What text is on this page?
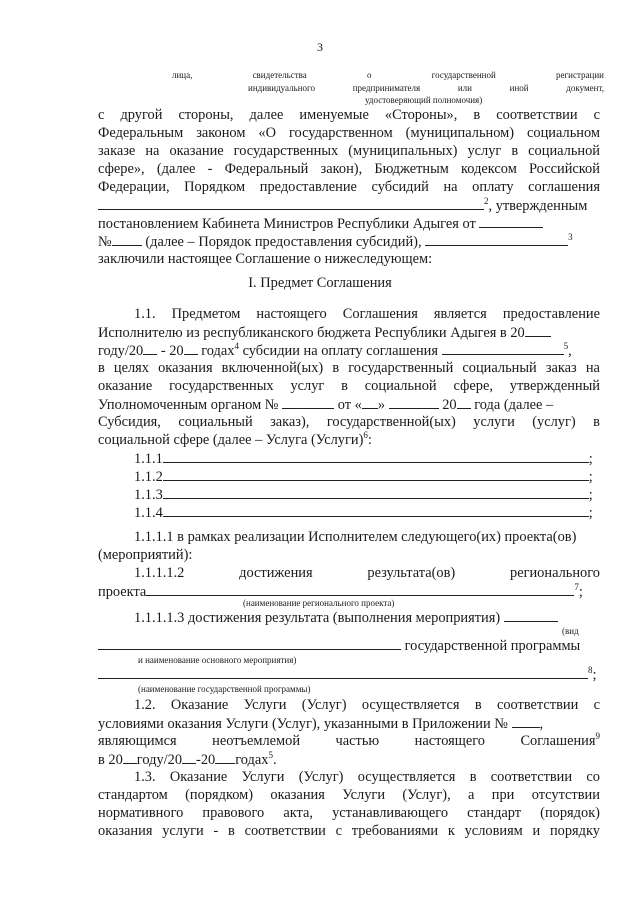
3
лица,	свидетельства	о	государственной	регистрации
индивидуального	предпринимателя	или	иной	документ,
удостоверяющий полномочия)
с другой стороны, далее именуемые «Стороны», в соответствии с
Федеральным законом «О государственном (муниципальном) социальном
заказе на оказание государственных (муниципальных) услуг в социальной
сфере», (далее - Федеральный закон), Бюджетным кодексом Российской
Федерации, Порядком предоставление субсидий на оплату соглашения
$^2$, утвержденным
постановлением Кабинета Министров Республики Адыгея от
№ (далее – Порядок предоставления субсидий),	$^3$
заключили настоящее Соглашение о нижеследующем:
I. Предмет Соглашения
1.1. Предметом настоящего Соглашения является предоставление
Исполнителю из республиканского бюджета Республики Адыгея в 20
году/20 - 20 годах$^4$ субсидии на оплату соглашения	$^5$,
в целях оказания включенной(ых) в государственный социальный заказ на
оказание государственных услуг в социальной сфере, утвержденный
Уполномоченным органом №	от « »	20 года (далее –
Субсидия, социальный заказ), государственной(ых) услуги (услуг) в
социальной сфере (далее – Услуга (Услуги)$^6$:
1.1.1	;
1.1.2	;
1.1.3	;
1.1.4	;
1.1.1.1 в рамках реализации Исполнителем следующего(их) проекта(ов)
(мероприятий):
1.1.1.1.2	достижения	результата(ов)	регионального
проекта	$^7$;
(наименование регионального проекта)
1.1.1.1.3 достижения результата (выполнения мероприятия)
(вид
государственной программы
и наименование основного мероприятия)
$^8$;
(наименование государственной программы)
1.2. Оказание Услуги (Услуг) осуществляется в соответствии с
условиями оказания Услуги (Услуг), указанными в Приложении № ,
являющимся неотъемлемой частью настоящего Соглашения$^9$
в 20 году/20 -20 годах$^5$.
1.3. Оказание Услуги (Услуг) осуществляется в соответствии со
стандартом (порядком) оказания Услуги (Услуг), а при отсутствии
нормативного правового акта, устанавливающего стандарт (порядок)
оказания услуги - в соответствии с требованиями к условиям и порядку
